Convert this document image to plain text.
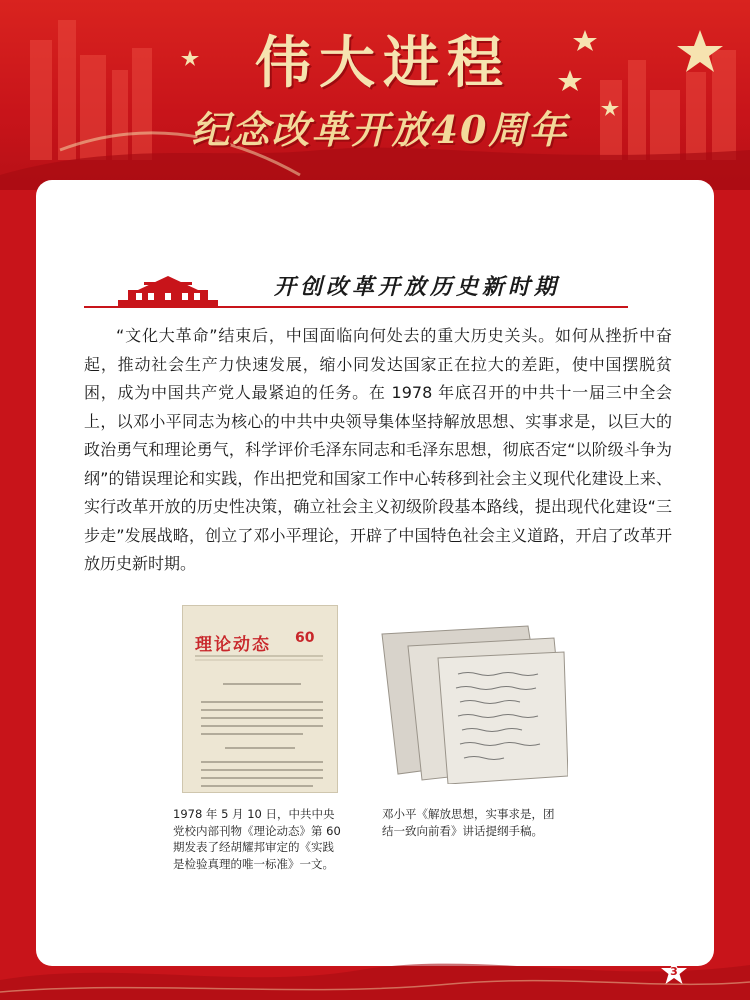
伟大进程
纪念改革开放40周年
开创改革开放历史新时期

“文化大革命”结束后，中国面临向何处去的重大历史关头。如何从挫折中奋起，推动社会生产力快速发展，缩小同发达国家正在拉大的差距，使中国摆脱贫困，成为中国共产党人最紧迫的任务。在 1978 年底召开的中共十一届三中全会上，以邓小平同志为核心的中共中央领导集体坚持解放思想、实事求是，以巨大的政治勇气和理论勇气，科学评价毛泽东同志和毛泽东思想，彻底否定“以阶级斗争为纲”的错误理论和实践，作出把党和国家工作中心转移到社会主义现代化建设上来、实行改革开放的历史性决策，确立社会主义初级阶段基本路线，提出现代化建设“三步走”发展战略，创立了邓小平理论，开辟了中国特色社会主义道路，开启了改革开放历史新时期。

理论动态 60
1978 年 5 月 10 日，中共中央党校内部刊物《理论动态》第 60 期发表了经胡耀邦审定的《实践是检验真理的唯一标准》一文。
邓小平《解放思想，实事求是，团结一致向前看》讲话提纲手稿。
3
